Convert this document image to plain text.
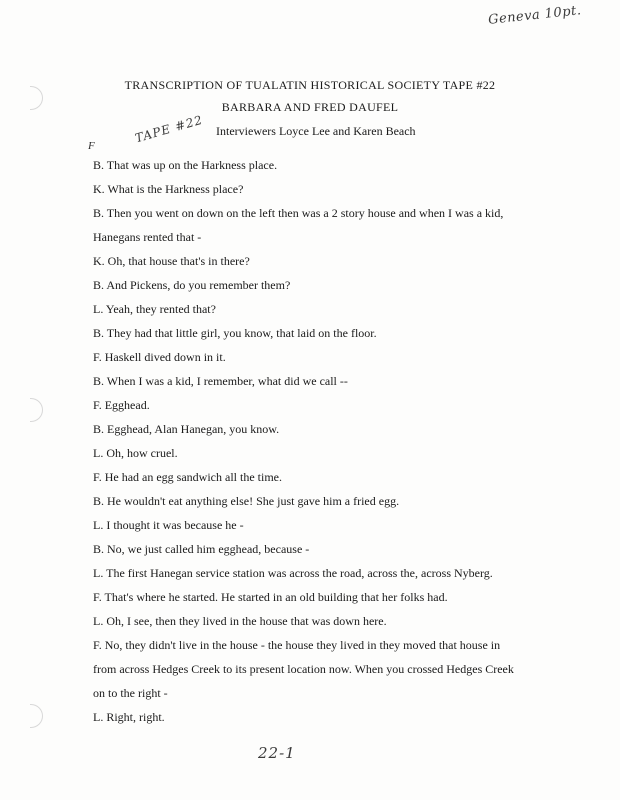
Geneva 10pt.
TRANSCRIPTION OF TUALATIN HISTORICAL SOCIETY TAPE #22
BARBARA AND FRED DAUFEL
TAPE #22 Interviewers Loyce Lee and Karen Beach
F
B. That was up on the Harkness place.
K. What is the Harkness place?
B. Then you went on down on the left then was a 2 story house and when I was a kid,
Hanegans rented that -
K. Oh, that house that's in there?
B. And Pickens, do you remember them?
L. Yeah, they rented that?
B. They had that little girl, you know, that laid on the floor.
F. Haskell dived down in it.
B. When I was a kid, I remember, what did we call --
F. Egghead.
B. Egghead, Alan Hanegan, you know.
L. Oh, how cruel.
F. He had an egg sandwich all the time.
B. He wouldn't eat anything else! She just gave him a fried egg.
L. I thought it was because he -
B. No, we just called him egghead, because -
L. The first Hanegan service station was across the road, across the, across Nyberg.
F. That's where he started. He started in an old building that her folks had.
L. Oh, I see, then they lived in the house that was down here.
F. No, they didn't live in the house - the house they lived in they moved that house in
from across Hedges Creek to its present location now. When you crossed Hedges Creek
on to the right -
L. Right, right.
22-1
